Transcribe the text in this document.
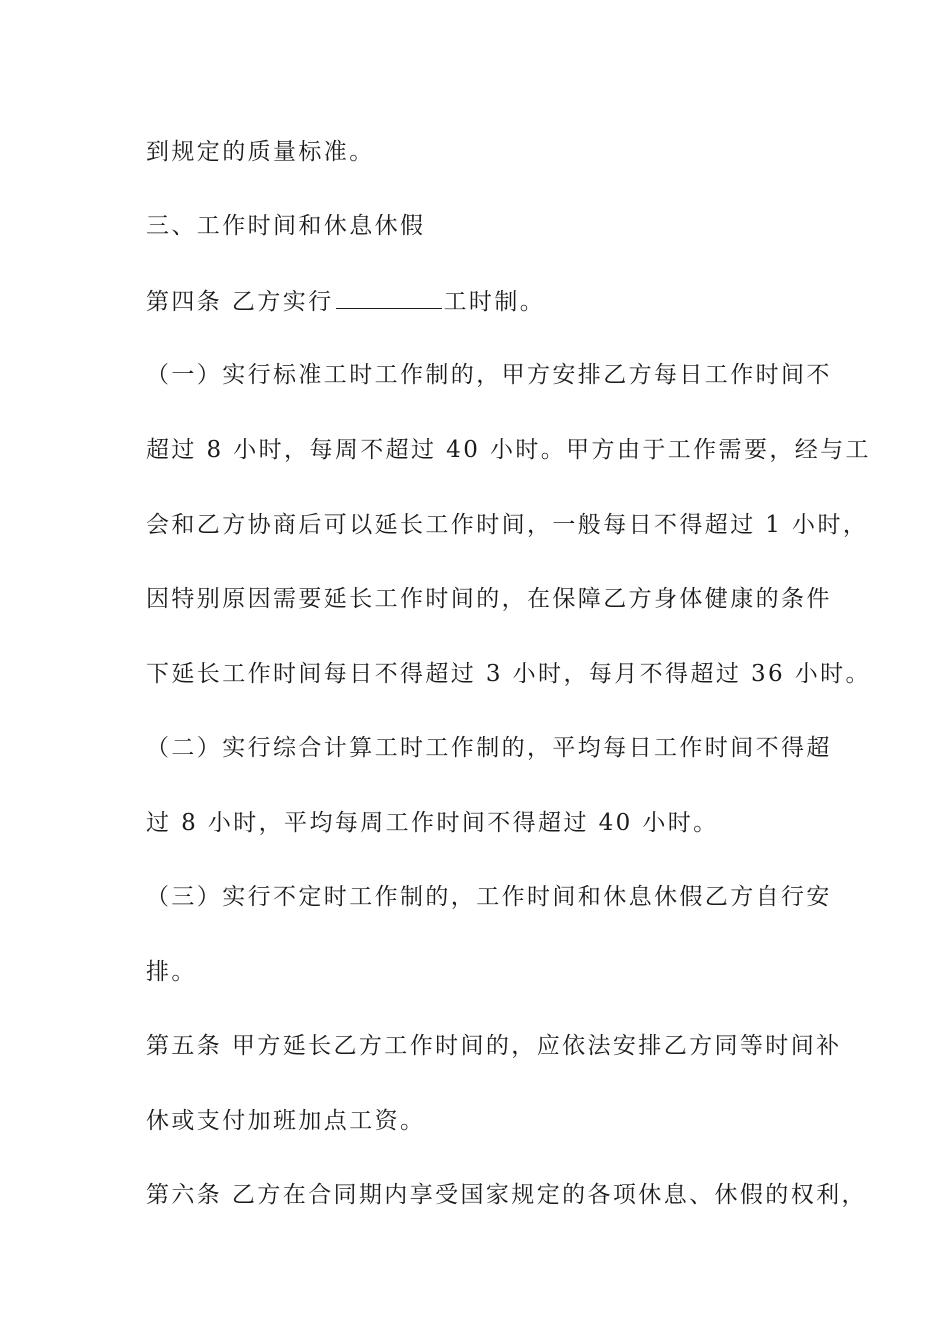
到规定的质量标准。

三、工作时间和休息休假

第四条 乙方实行	工时制。

（一）实行标准工时工作制的，甲方安排乙方每日工作时间不

超过 8 小时，每周不超过 40 小时。甲方由于工作需要，经与工

会和乙方协商后可以延长工作时间，一般每日不得超过 1 小时，

因特别原因需要延长工作时间的，在保障乙方身体健康的条件

下延长工作时间每日不得超过 3 小时，每月不得超过 36 小时。

（二）实行综合计算工时工作制的，平均每日工作时间不得超

过 8 小时，平均每周工作时间不得超过 40 小时。

（三）实行不定时工作制的，工作时间和休息休假乙方自行安

排。

第五条 甲方延长乙方工作时间的，应依法安排乙方同等时间补

休或支付加班加点工资。

第六条 乙方在合同期内享受国家规定的各项休息、休假的权利，
